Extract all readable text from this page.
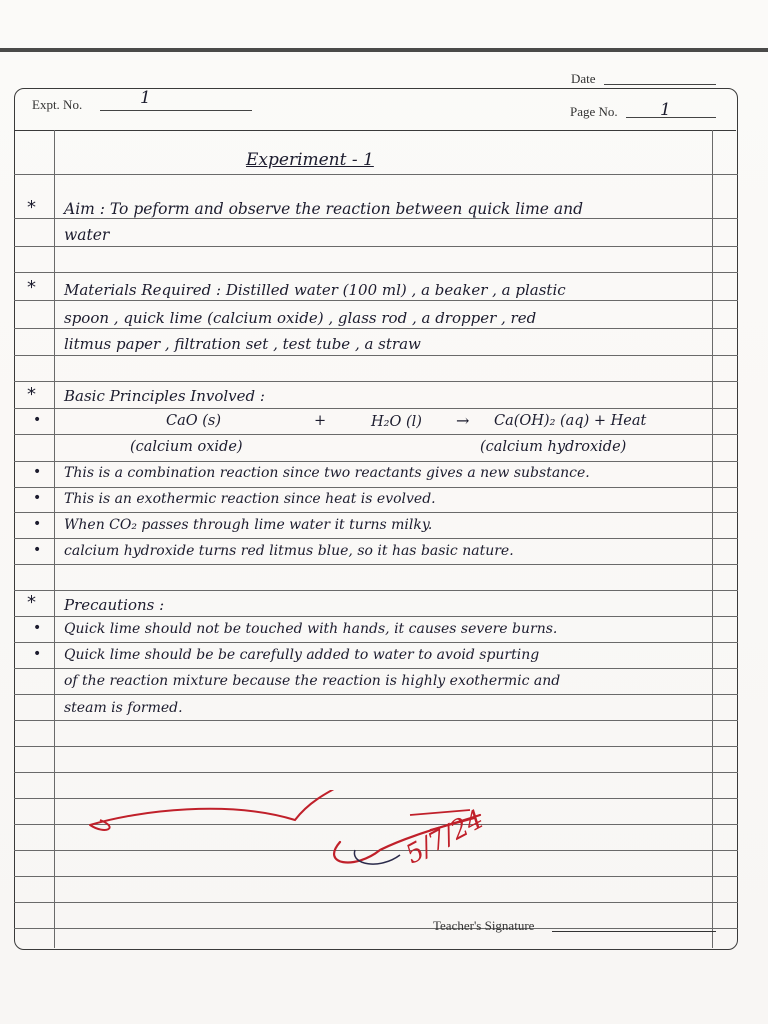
Date
Expt. No.	1
Page No. 1
Experiment - 1
* Aim : To peform and observe the reaction between quick lime and
water
* Materials Required : Distilled water (100 ml) , a beaker , a plastic
spoon , quick lime (calcium oxide) , glass rod , a dropper , red
litmus paper , filtration set , test tube , a straw
* Basic Principles Involved :
•	CaO (s)	+	H₂O (l) → Ca(OH)₂ (aq) + Heat
(calcium oxide)	(calcium hydroxide)
• This is a combination reaction since two reactants gives a new substance.
• This is an exothermic reaction since heat is evolved.
• When CO₂ passes through lime water it turns milky.
• calcium hydroxide turns red litmus blue, so it has basic nature.
* Precautions :
• Quick lime should not be touched with hands, it causes severe burns.
• Quick lime should be be carefully added to water to avoid spurting
of the reaction mixture because the reaction is highly exothermic and
steam is formed.
5/7/24
Teacher's Signature
